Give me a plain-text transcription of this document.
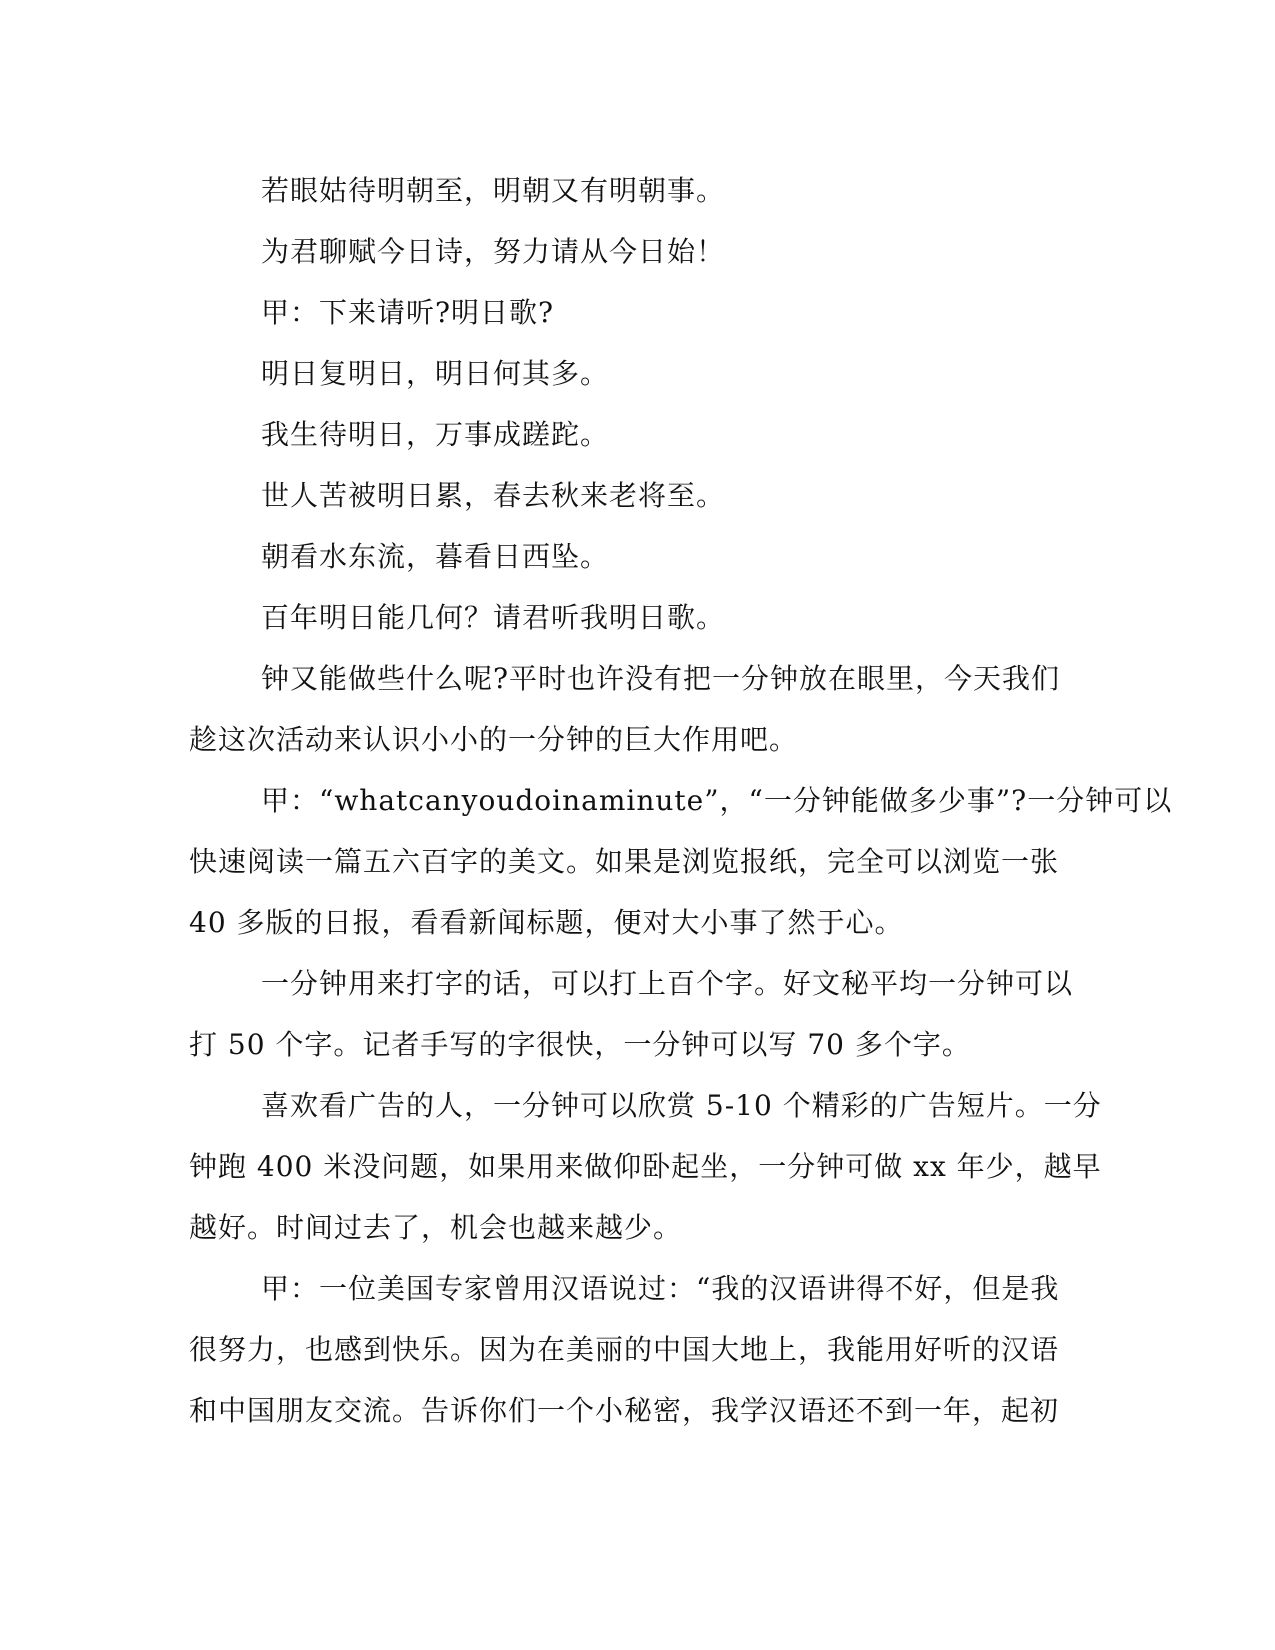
若眼姑待明朝至，明朝又有明朝事。
为君聊赋今日诗，努力请从今日始！
甲：下来请听?明日歌?
明日复明日，明日何其多。
我生待明日，万事成蹉跎。
世人苦被明日累，春去秋来老将至。
朝看水东流，暮看日西坠。
百年明日能几何？请君听我明日歌。
钟又能做些什么呢?平时也许没有把一分钟放在眼里，今天我们
趁这次活动来认识小小的一分钟的巨大作用吧。
甲：“whatcanyoudoinaminute”，“一分钟能做多少事”?一分钟可以
快速阅读一篇五六百字的美文。如果是浏览报纸，完全可以浏览一张
40 多版的日报，看看新闻标题，便对大小事了然于心。
一分钟用来打字的话，可以打上百个字。好文秘平均一分钟可以
打 50 个字。记者手写的字很快，一分钟可以写 70 多个字。
喜欢看广告的人，一分钟可以欣赏 5-10 个精彩的广告短片。一分
钟跑 400 米没问题，如果用来做仰卧起坐，一分钟可做 xx 年少，越早
越好。时间过去了，机会也越来越少。
甲：一位美国专家曾用汉语说过：“我的汉语讲得不好，但是我
很努力，也感到快乐。因为在美丽的中国大地上，我能用好听的汉语
和中国朋友交流。告诉你们一个小秘密，我学汉语还不到一年，起初
